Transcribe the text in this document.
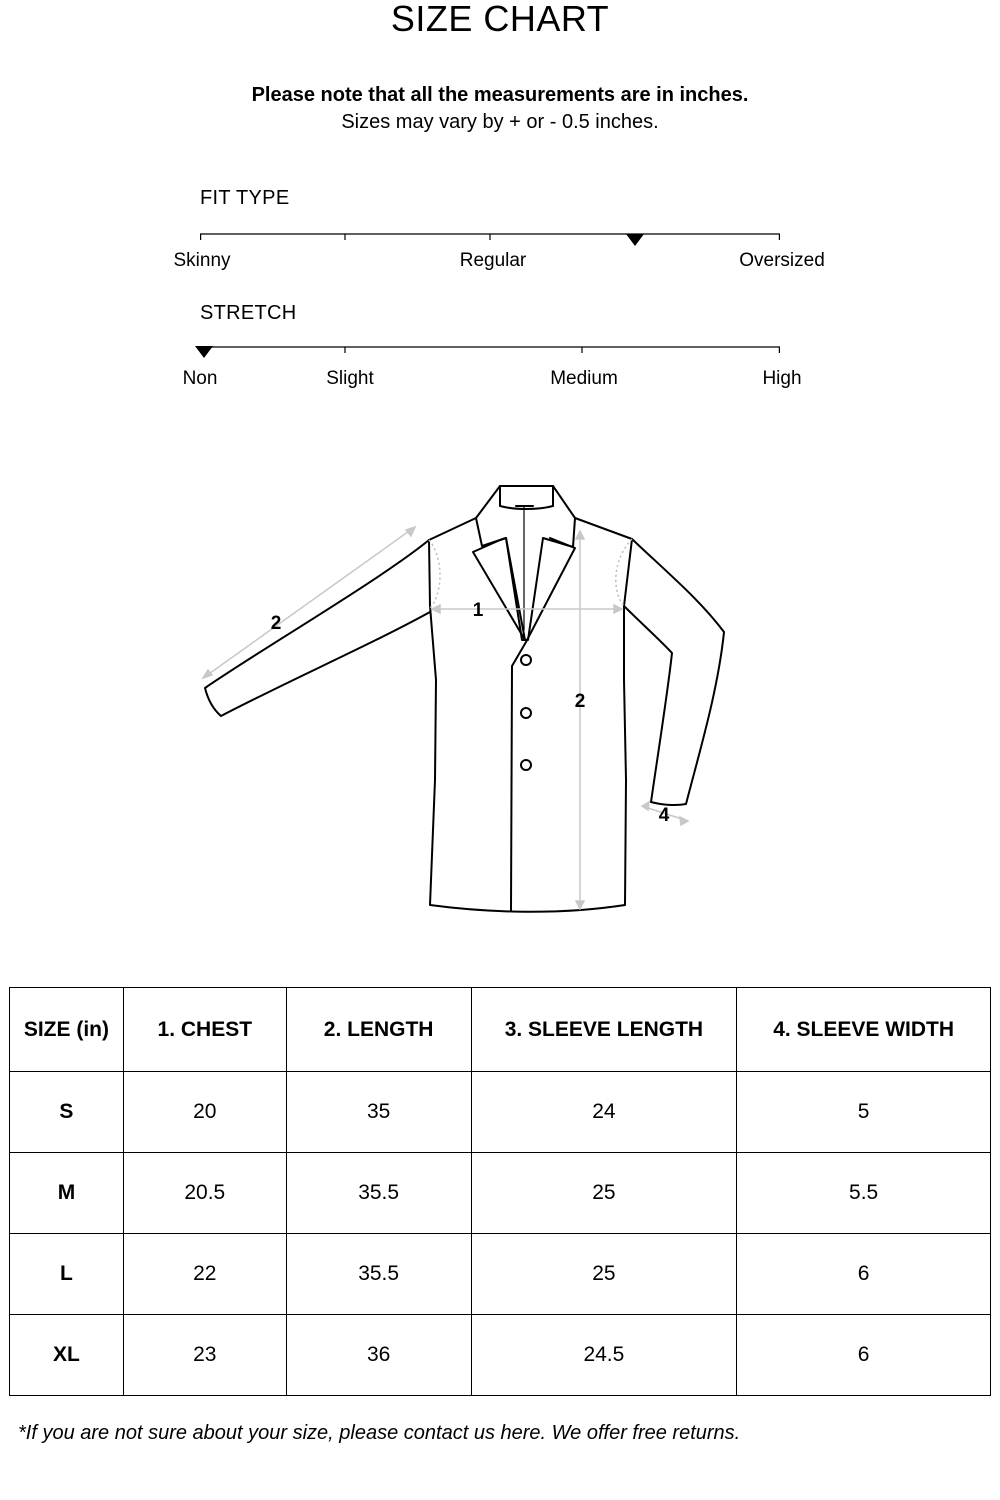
SIZE CHART
Please note that all the measurements are in inches.
Sizes may vary by + or - 0.5 inches.
FIT TYPE
Skinny	Regular	Oversized
STRETCH
Non	Slight	Medium	High
1
2
2
4
SIZE (in)	1. CHEST	2. LENGTH	3. SLEEVE LENGTH	4. SLEEVE WIDTH
S	20	35	24	5
M	20.5	35.5	25	5.5
L	22	35.5	25	6
XL	23	36	24.5	6
*If you are not sure about your size, please contact us here. We offer free returns.
